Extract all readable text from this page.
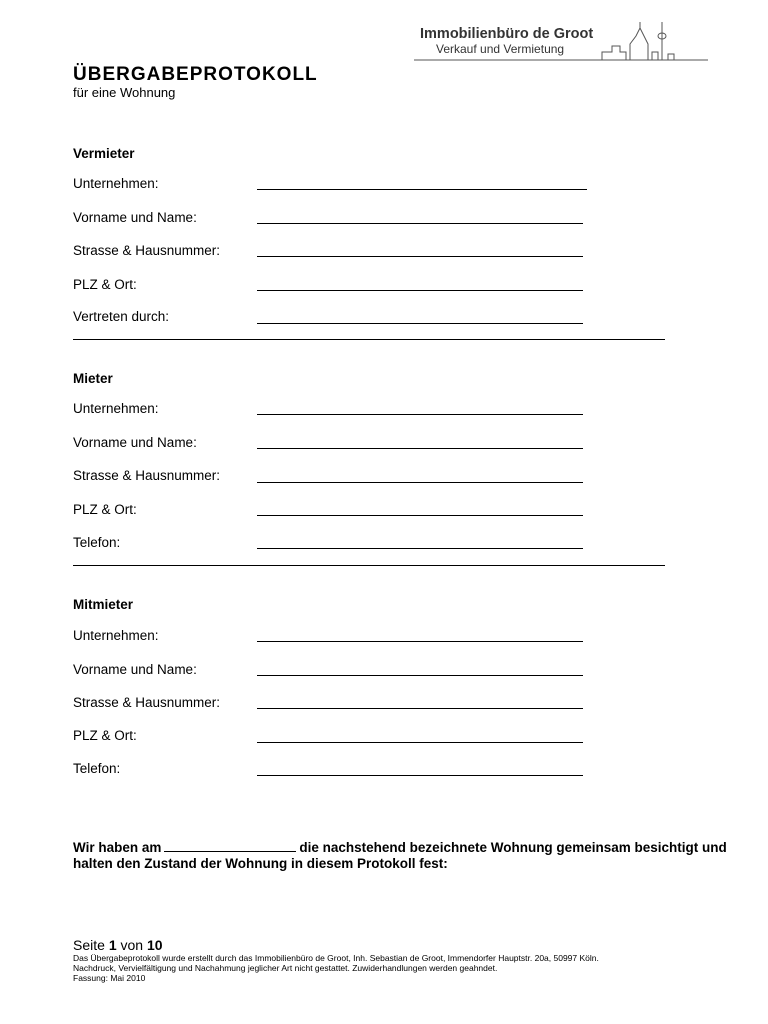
Immobilienbüro de Groot
Verkauf und Vermietung
ÜBERGABEPROTOKOLL
für eine Wohnung
Vermieter
Unternehmen:
Vorname und Name:
Strasse & Hausnummer:
PLZ & Ort:
Vertreten durch:
Mieter
Unternehmen:
Vorname und Name:
Strasse & Hausnummer:
PLZ & Ort:
Telefon:
Mitmieter
Unternehmen:
Vorname und Name:
Strasse & Hausnummer:
PLZ & Ort:
Telefon:
Wir haben am	die nachstehend bezeichnete Wohnung gemeinsam besichtigt und halten den Zustand der Wohnung in diesem Protokoll fest:
Seite 1 von 10
Das Übergabeprotokoll wurde erstellt durch das Immobilienbüro de Groot, Inh. Sebastian de Groot, Immendorfer Hauptstr. 20a, 50997 Köln.
Nachdruck, Vervielfältigung und Nachahmung jeglicher Art nicht gestattet. Zuwiderhandlungen werden geahndet.
Fassung: Mai 2010
